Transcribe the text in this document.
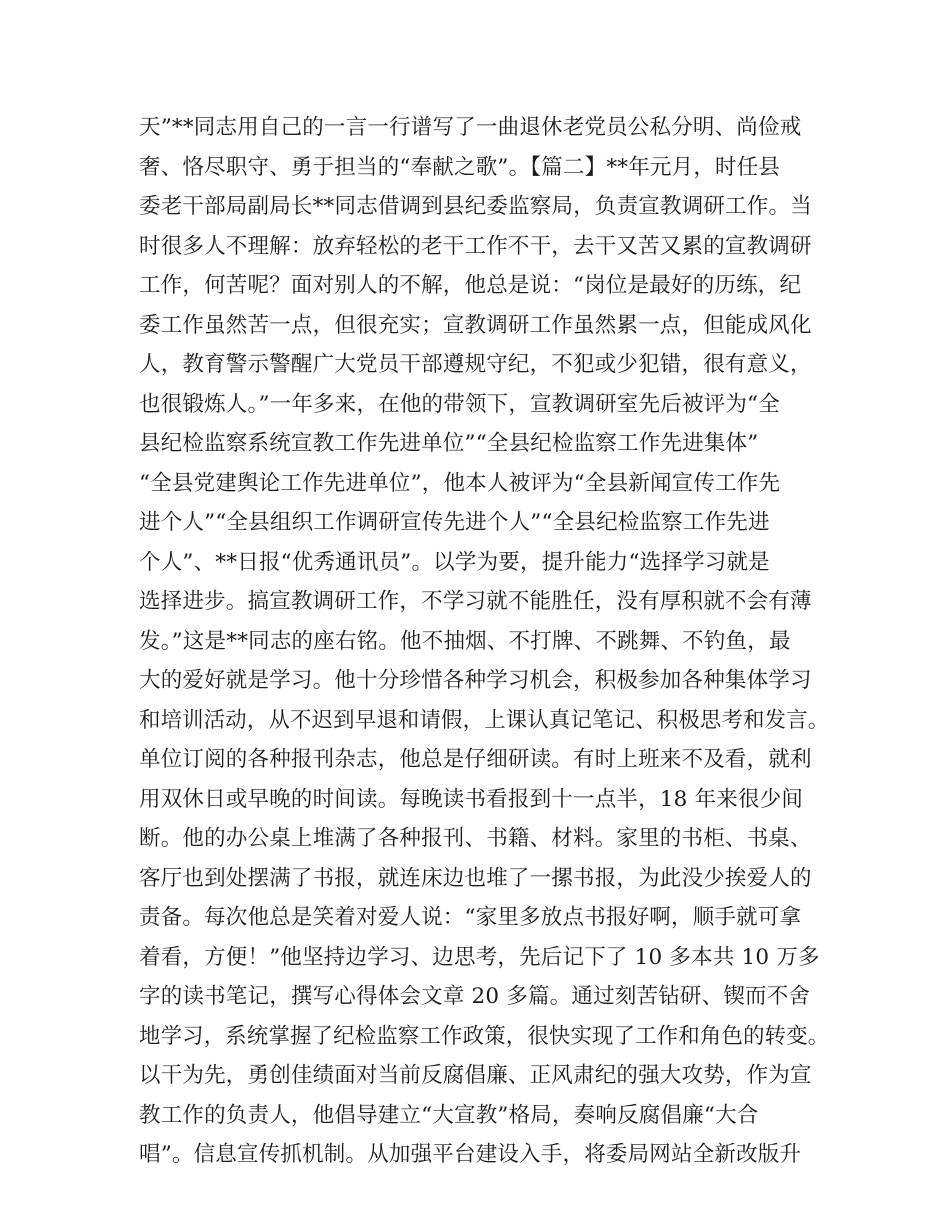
天”**同志用自己的一言一行谱写了一曲退休老党员公私分明、尚俭戒
奢、恪尽职守、勇于担当的“奉献之歌”。【篇二】**年元月，时任县
委老干部局副局长**同志借调到县纪委监察局，负责宣教调研工作。当
时很多人不理解：放弃轻松的老干工作不干，去干又苦又累的宣教调研
工作，何苦呢？面对别人的不解，他总是说：“岗位是最好的历练，纪
委工作虽然苦一点，但很充实；宣教调研工作虽然累一点，但能成风化
人，教育警示警醒广大党员干部遵规守纪，不犯或少犯错，很有意义，
也很锻炼人。”一年多来，在他的带领下，宣教调研室先后被评为“全
县纪检监察系统宣教工作先进单位”“全县纪检监察工作先进集体”
“全县党建舆论工作先进单位”，他本人被评为“全县新闻宣传工作先
进个人”“全县组织工作调研宣传先进个人”“全县纪检监察工作先进
个人”、**日报“优秀通讯员”。以学为要，提升能力“选择学习就是
选择进步。搞宣教调研工作，不学习就不能胜任，没有厚积就不会有薄
发。”这是**同志的座右铭。他不抽烟、不打牌、不跳舞、不钓鱼，最
大的爱好就是学习。他十分珍惜各种学习机会，积极参加各种集体学习
和培训活动，从不迟到早退和请假，上课认真记笔记、积极思考和发言。
单位订阅的各种报刊杂志，他总是仔细研读。有时上班来不及看，就利
用双休日或早晚的时间读。每晚读书看报到十一点半，18 年来很少间
断。他的办公桌上堆满了各种报刊、书籍、材料。家里的书柜、书桌、
客厅也到处摆满了书报，就连床边也堆了一摞书报，为此没少挨爱人的
责备。每次他总是笑着对爱人说：“家里多放点书报好啊，顺手就可拿
着看，方便！”他坚持边学习、边思考，先后记下了 10 多本共 10 万多
字的读书笔记，撰写心得体会文章 20 多篇。通过刻苦钻研、锲而不舍
地学习，系统掌握了纪检监察工作政策，很快实现了工作和角色的转变。
以干为先，勇创佳绩面对当前反腐倡廉、正风肃纪的强大攻势，作为宣
教工作的负责人，他倡导建立“大宣教”格局，奏响反腐倡廉“大合
唱”。信息宣传抓机制。从加强平台建设入手，将委局网站全新改版升
